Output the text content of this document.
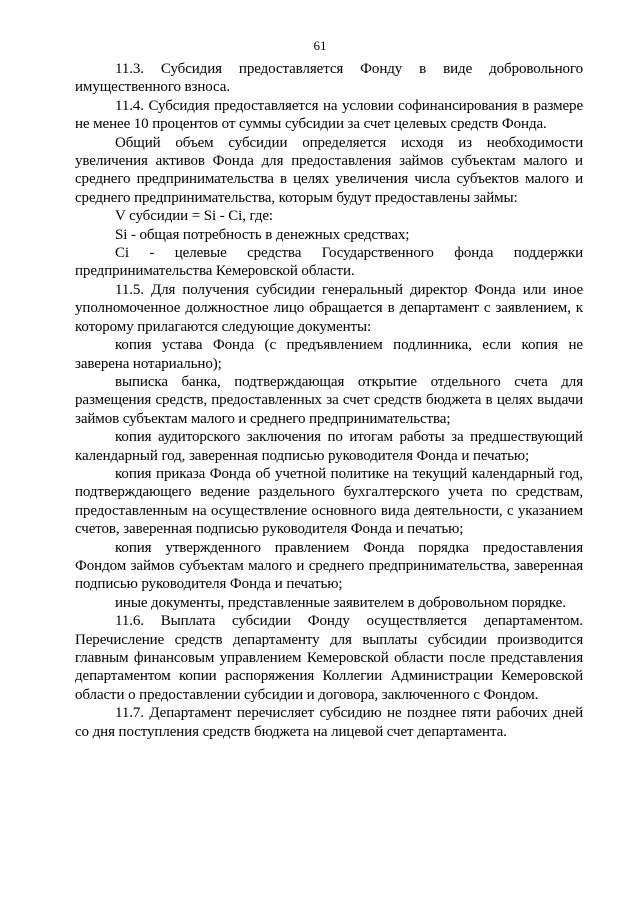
61

11.3. Субсидия предоставляется Фонду в виде добровольного имущественного взноса.

11.4. Субсидия предоставляется на условии софинансирования в размере не менее 10 процентов от суммы субсидии за счет целевых средств Фонда.

Общий объем субсидии определяется исходя из необходимости увеличения активов Фонда для предоставления займов субъектам малого и среднего предпринимательства в целях увеличения числа субъектов малого и среднего предпринимательства, которым будут предоставлены займы:

V субсидии = Si - Ci, где:

Si - общая потребность в денежных средствах;

Ci - целевые средства Государственного фонда поддержки предпринимательства Кемеровской области.

11.5. Для получения субсидии генеральный директор Фонда или иное уполномоченное должностное лицо обращается в департамент с заявлением, к которому прилагаются следующие документы:

копия устава Фонда (с предъявлением подлинника, если копия не заверена нотариально);

выписка банка, подтверждающая открытие отдельного счета для размещения средств, предоставленных за счет средств бюджета в целях выдачи займов субъектам малого и среднего предпринимательства;

копия аудиторского заключения по итогам работы за предшествующий календарный год, заверенная подписью руководителя Фонда и печатью;

копия приказа Фонда об учетной политике на текущий календарный год, подтверждающего ведение раздельного бухгалтерского учета по средствам, предоставленным на осуществление основного вида деятельности, с указанием счетов, заверенная подписью руководителя Фонда и печатью;

копия утвержденного правлением Фонда порядка предоставления Фондом займов субъектам малого и среднего предпринимательства, заверенная подписью руководителя Фонда и печатью;

иные документы, представленные заявителем в добровольном порядке.

11.6. Выплата субсидии Фонду осуществляется департаментом. Перечисление средств департаменту для выплаты субсидии производится главным финансовым управлением Кемеровской области после представления департаментом копии распоряжения Коллегии Администрации Кемеровской области о предоставлении субсидии и договора, заключенного с Фондом.

11.7. Департамент перечисляет субсидию не позднее пяти рабочих дней со дня поступления средств бюджета на лицевой счет департамента.
